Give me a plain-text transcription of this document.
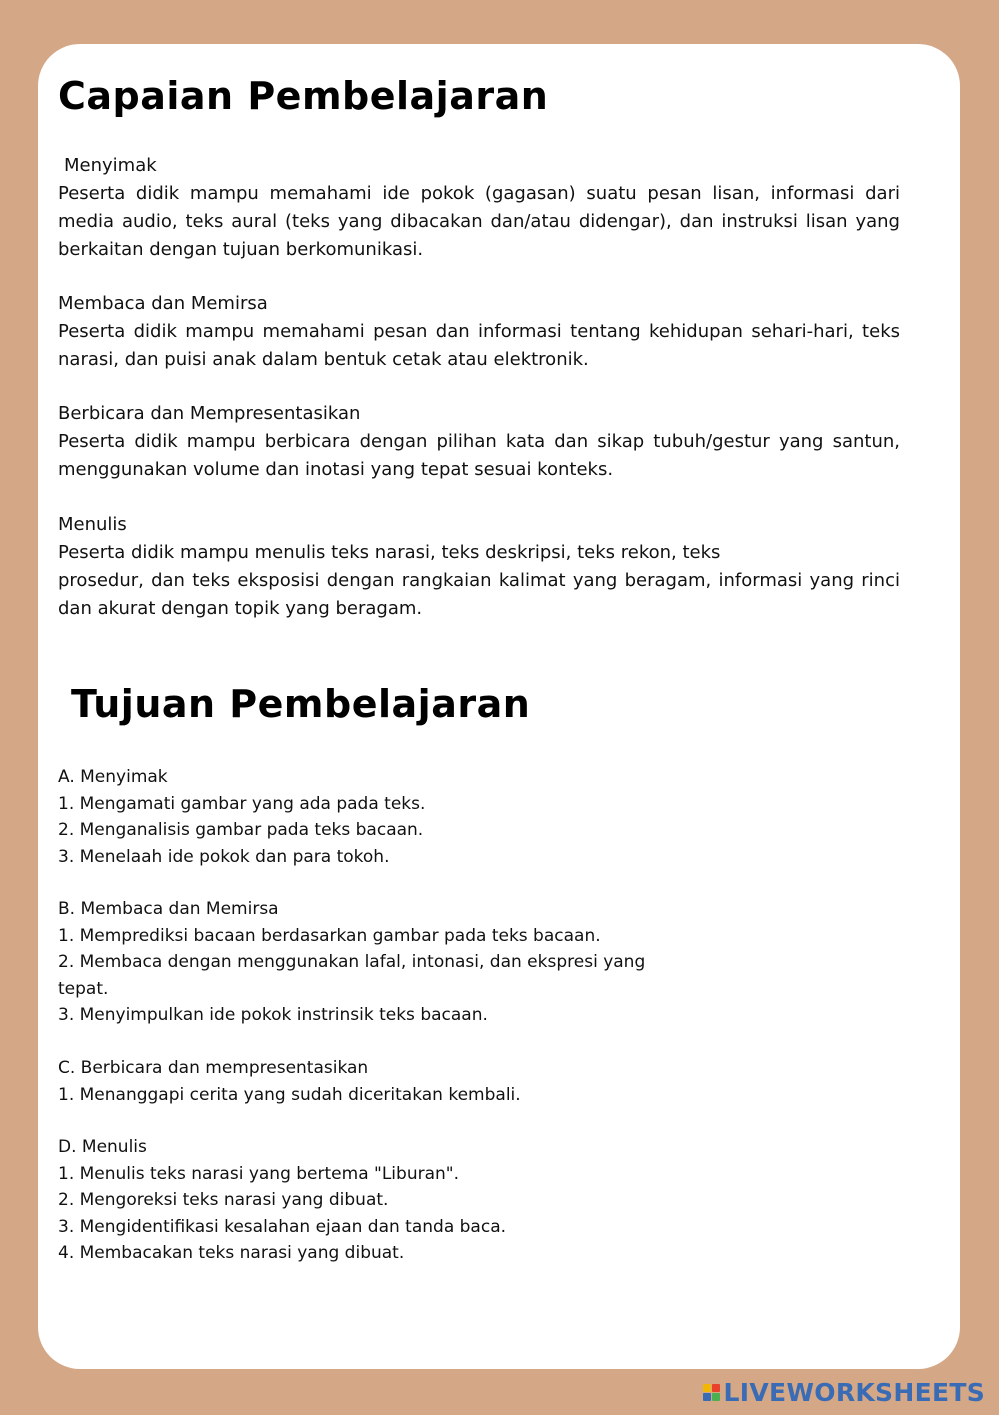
Capaian Pembelajaran
Menyimak
Peserta didik mampu memahami ide pokok (gagasan) suatu pesan lisan, informasi dari media audio, teks aural (teks yang dibacakan dan/atau didengar), dan instruksi lisan yang berkaitan dengan tujuan berkomunikasi.
Membaca dan Memirsa
Peserta didik mampu memahami pesan dan informasi tentang kehidupan sehari-hari, teks narasi, dan puisi anak dalam bentuk cetak atau elektronik.
Berbicara dan Mempresentasikan
Peserta didik mampu berbicara dengan pilihan kata dan sikap tubuh/gestur yang santun, menggunakan volume dan inotasi yang tepat sesuai konteks.
Menulis
Peserta didik mampu menulis teks narasi, teks deskripsi, teks rekon, teks
prosedur, dan teks eksposisi dengan rangkaian kalimat yang beragam, informasi yang rinci dan akurat dengan topik yang beragam.
Tujuan Pembelajaran
A. Menyimak
1. Mengamati gambar yang ada pada teks.
2. Menganalisis gambar pada teks bacaan.
3. Menelaah ide pokok dan para tokoh.
B. Membaca dan Memirsa
1. Memprediksi bacaan berdasarkan gambar pada teks bacaan.
2. Membaca dengan menggunakan lafal, intonasi, dan ekspresi yang
tepat.
3. Menyimpulkan ide pokok instrinsik teks bacaan.
C. Berbicara dan mempresentasikan
1. Menanggapi cerita yang sudah diceritakan kembali.
D. Menulis
1. Menulis teks narasi yang bertema "Liburan".
2. Mengoreksi teks narasi yang dibuat.
3. Mengidentifikasi kesalahan ejaan dan tanda baca.
4. Membacakan teks narasi yang dibuat.
LIVEWORKSHEETS
